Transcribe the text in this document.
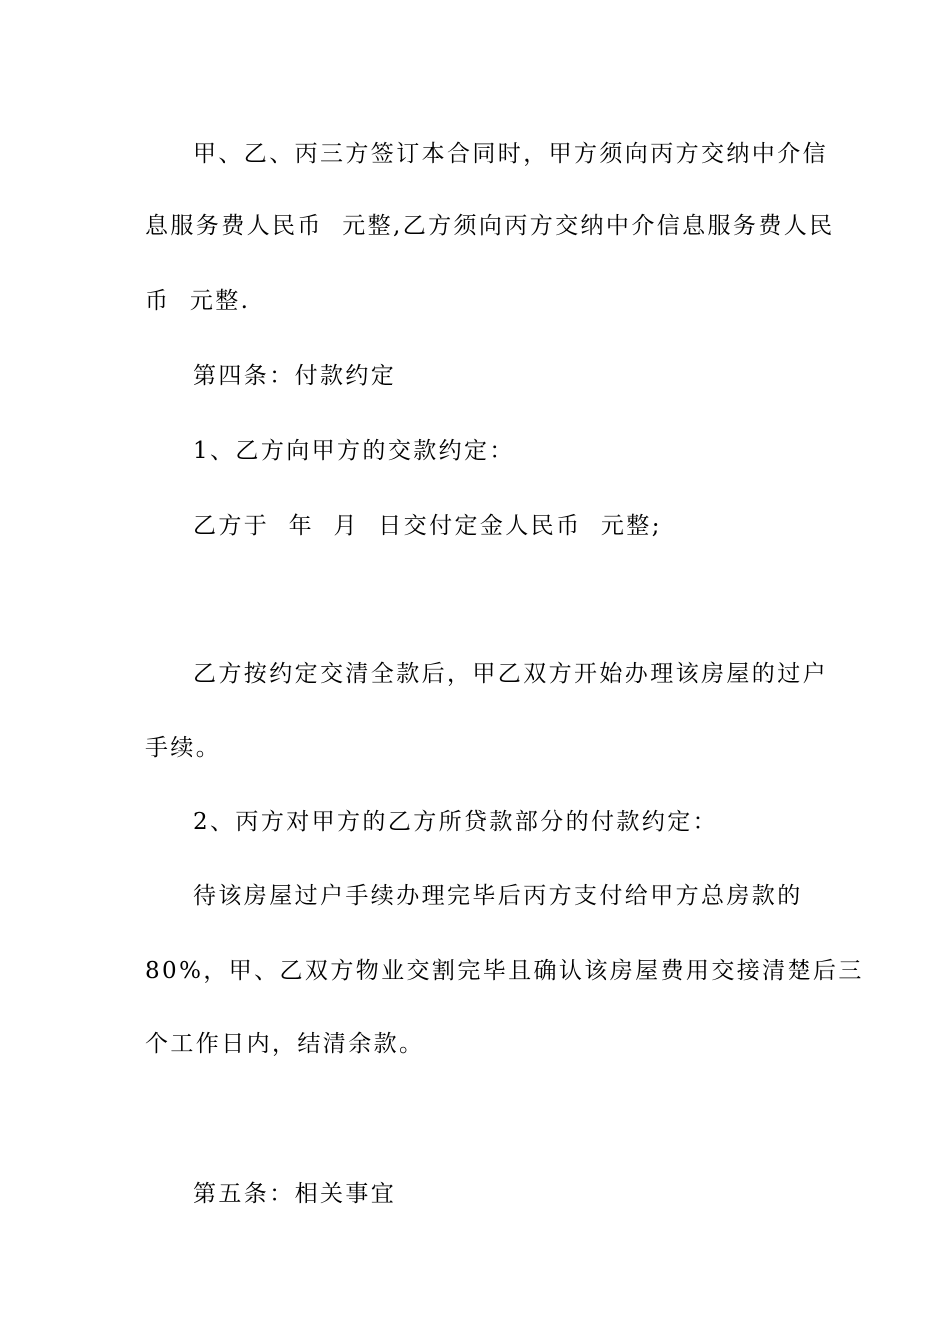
甲、乙、丙三方签订本合同时，甲方须向丙方交纳中介信
息服务费人民币  元整,乙方须向丙方交纳中介信息服务费人民
币  元整.
第四条：付款约定
1、乙方向甲方的交款约定：
乙方于  年  月  日交付定金人民币  元整;
乙方按约定交清全款后，甲乙双方开始办理该房屋的过户
手续。
2、丙方对甲方的乙方所贷款部分的付款约定：
待该房屋过户手续办理完毕后丙方支付给甲方总房款的
80%，甲、乙双方物业交割完毕且确认该房屋费用交接清楚后三
个工作日内，结清余款。
第五条：相关事宜
